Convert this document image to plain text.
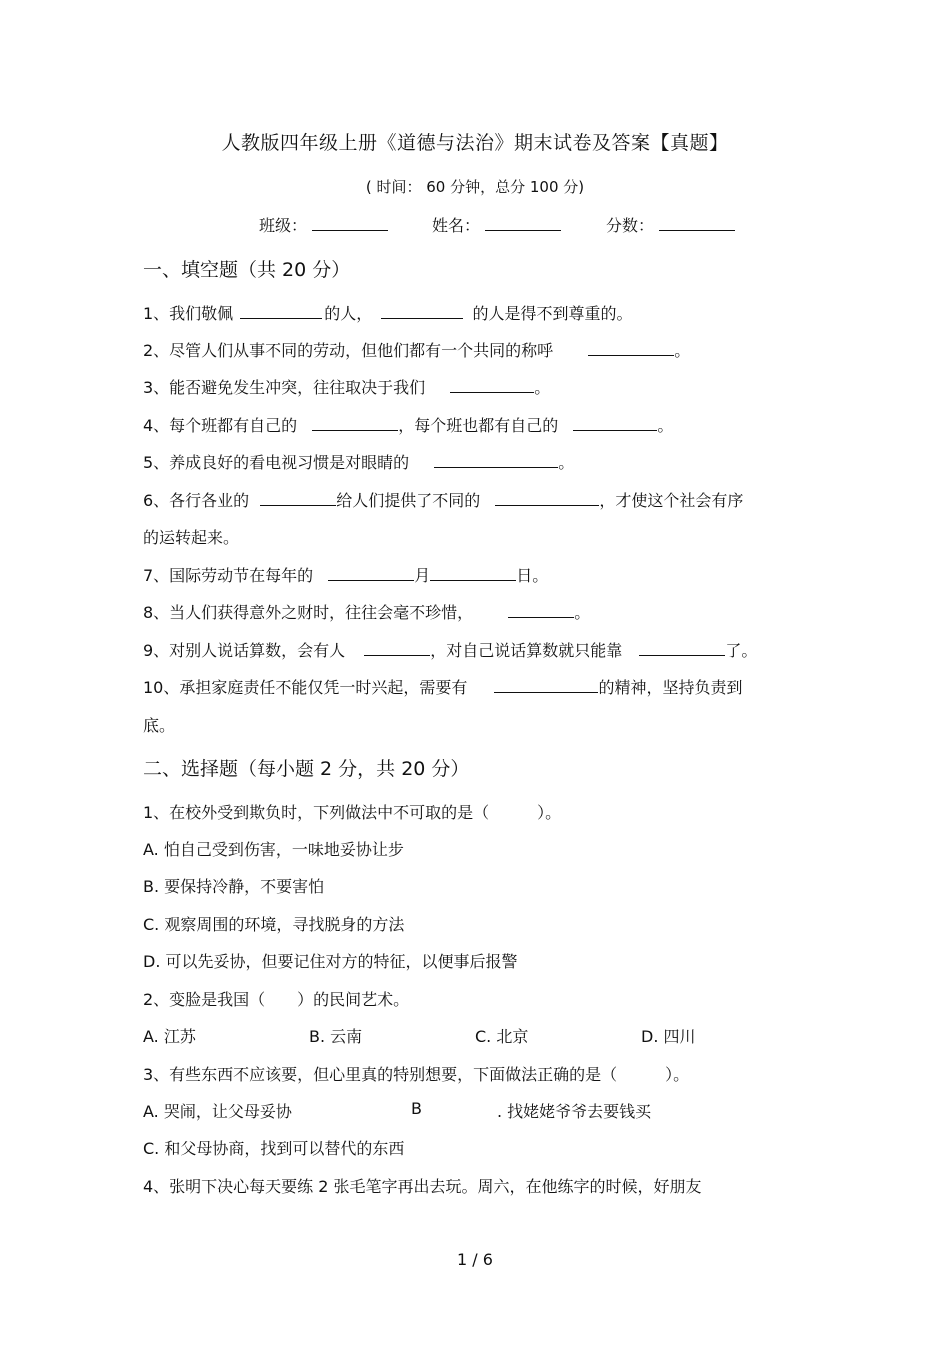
人教版四年级上册《道德与法治》期末试卷及答案【真题】
( 时间： 60 分钟，总分 100 分)
班级：	姓名：	分数：
一、填空题（共 20 分）
1、我们敬佩	的人，	的人是得不到尊重的。
2、尽管人们从事不同的劳动，但他们都有一个共同的称呼	。
3、能否避免发生冲突，往往取决于我们	。
4、每个班都有自己的	，每个班也都有自己的	。
5、养成良好的看电视习惯是对眼睛的	。
6、各行各业的	给人们提供了不同的	，才使这个社会有序
的运转起来。
7、国际劳动节在每年的	月	日。
8、当人们获得意外之财时，往往会毫不珍惜，	。
9、对别人说话算数，会有人	，对自己说话算数就只能靠	了。
10、承担家庭责任不能仅凭一时兴起，需要有	的精神，坚持负责到
底。
二、选择题（每小题 2 分，共 20 分）
1、在校外受到欺负时，下列做法中不可取的是（　　　）。
A. 怕自己受到伤害，一味地妥协让步
B. 要保持冷静，不要害怕
C. 观察周围的环境，寻找脱身的方法
D. 可以先妥协，但要记住对方的特征，以便事后报警
2、变脸是我国（　　）的民间艺术。
A. 江苏	B. 云南	C. 北京	D. 四川
3、有些东西不应该要，但心里真的特别想要，下面做法正确的是（　　　）。
A. 哭闹，让父母妥协	B	. 找姥姥爷爷去要钱买
C. 和父母协商，找到可以替代的东西
4、张明下决心每天要练 2 张毛笔字再出去玩。周六，在他练字的时候，好朋友
1 / 6
